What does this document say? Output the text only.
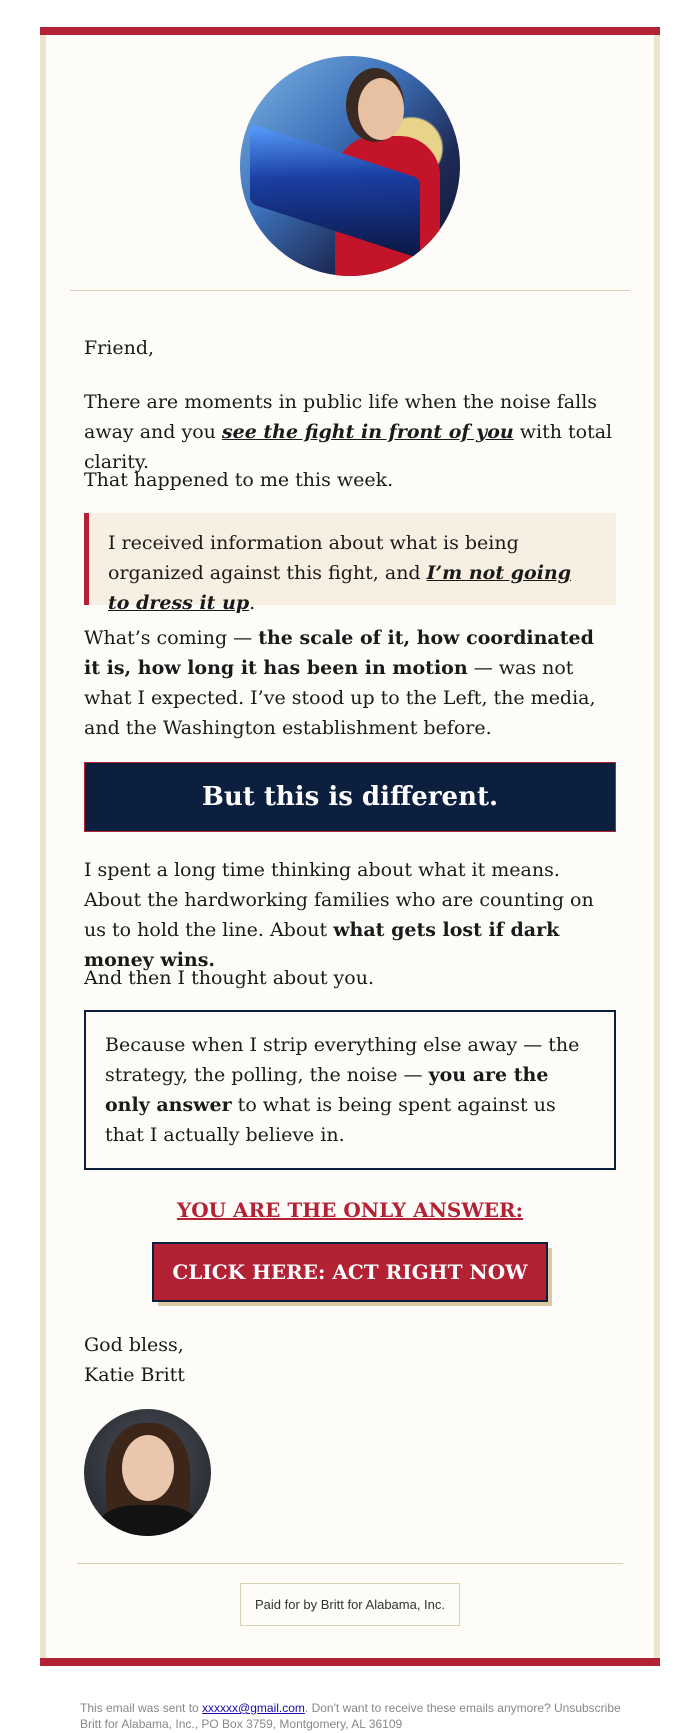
Friend,

There are moments in public life when the noise falls away and you see the fight in front of you with total clarity.

That happened to me this week.

I received information about what is being organized against this fight, and I’m not going to dress it up.

What’s coming — the scale of it, how coordinated it is, how long it has been in motion — was not what I expected. I’ve stood up to the Left, the media, and the Washington establishment before.

But this is different.

I spent a long time thinking about what it means. About the hardworking families who are counting on us to hold the line. About what gets lost if dark money wins.

And then I thought about you.

Because when I strip everything else away — the strategy, the polling, the noise — you are the only answer to what is being spent against us that I actually believe in.
YOU ARE THE ONLY ANSWER:
CLICK HERE: ACT RIGHT NOW

God bless,

Katie Britt

Paid for by Britt for Alabama, Inc.
This email was sent to xxxxxx@gmail.com. Don't want to receive these emails anymore? Unsubscribe
Britt for Alabama, Inc., PO Box 3759, Montgomery, AL 36109
